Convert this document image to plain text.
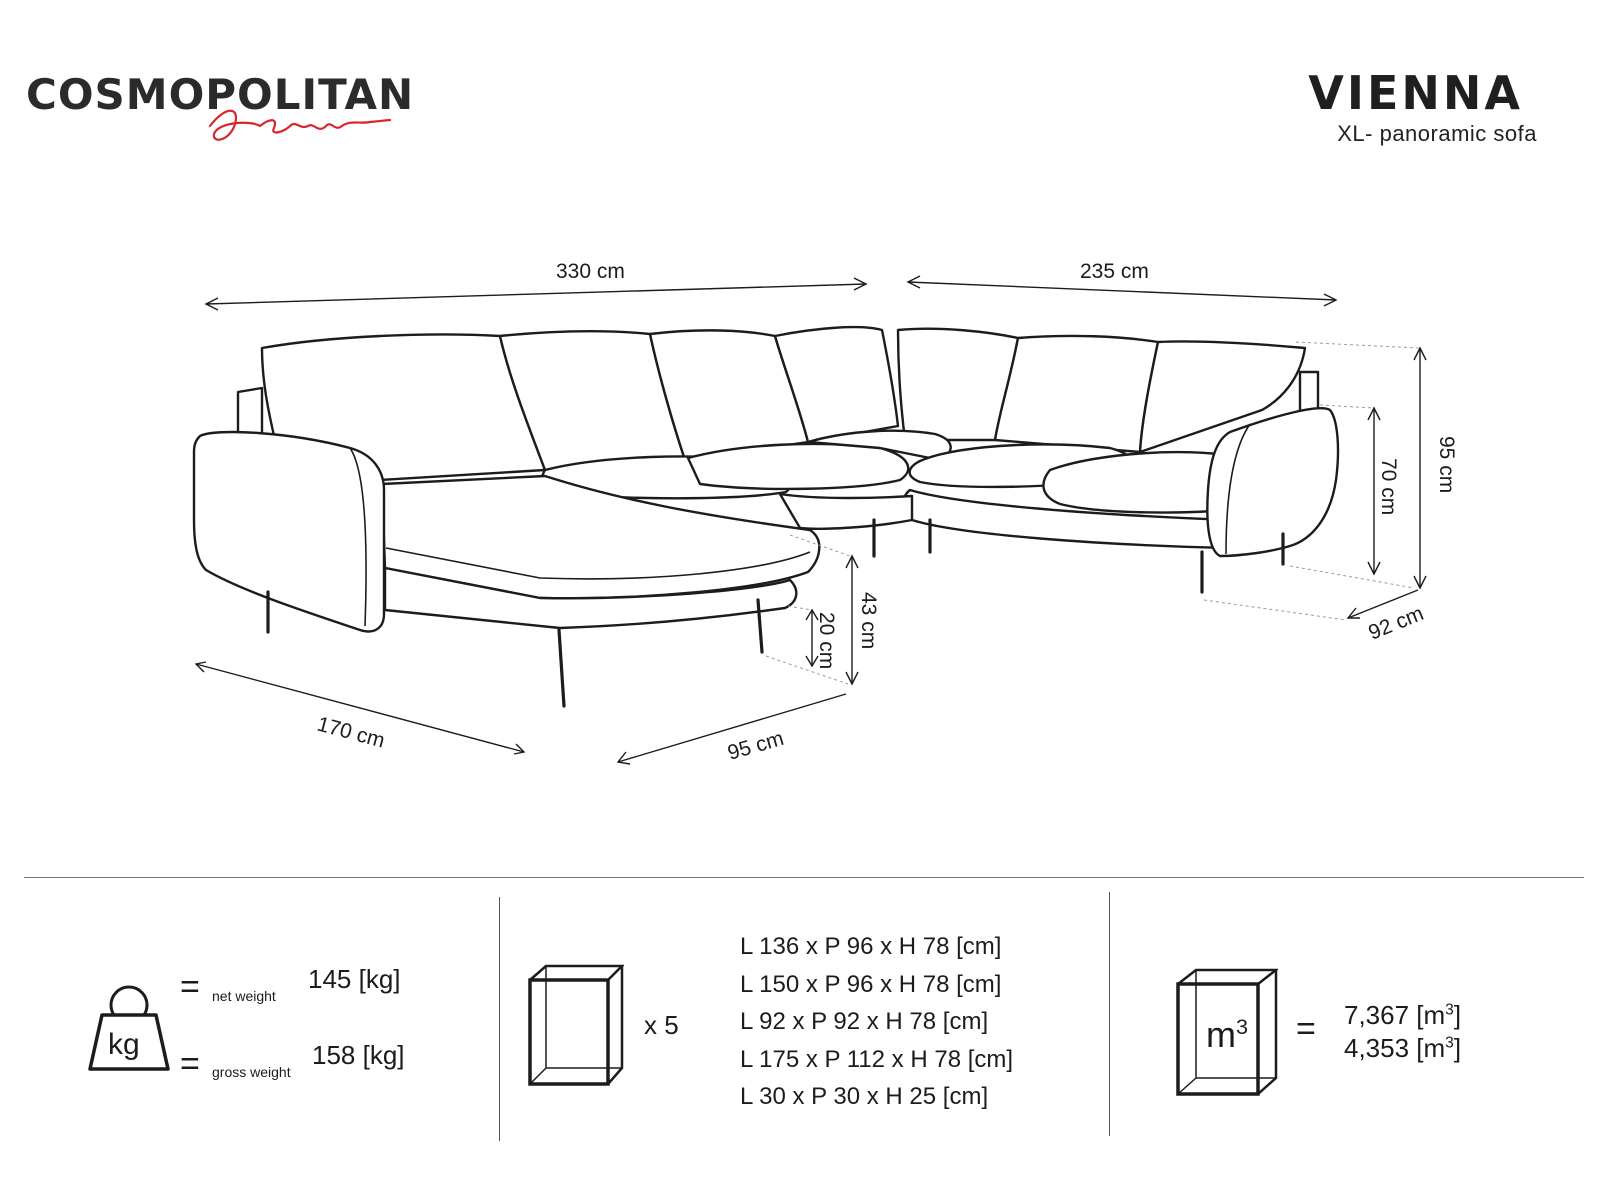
COSMOPOLITAN	VIENNA
XL- panoramic sofa
330 cm	235 cm
95 cm
70 cm
92 cm
170 cm	95 cm
43 cm
20 cm
kg
= net weight
145 [kg]
= gross weight
158 [kg]
x 5
L 136 x P 96 x H 78 [cm]
L 150 x P 96 x H 78 [cm]
L 92 x P 92 x H 78 [cm]
L 175 x P 112 x H 78 [cm]
L 30 x P 30 x H 25 [cm]
$m^3 = 7,367$ $[m^3]$
4,353 $[m^3]$
